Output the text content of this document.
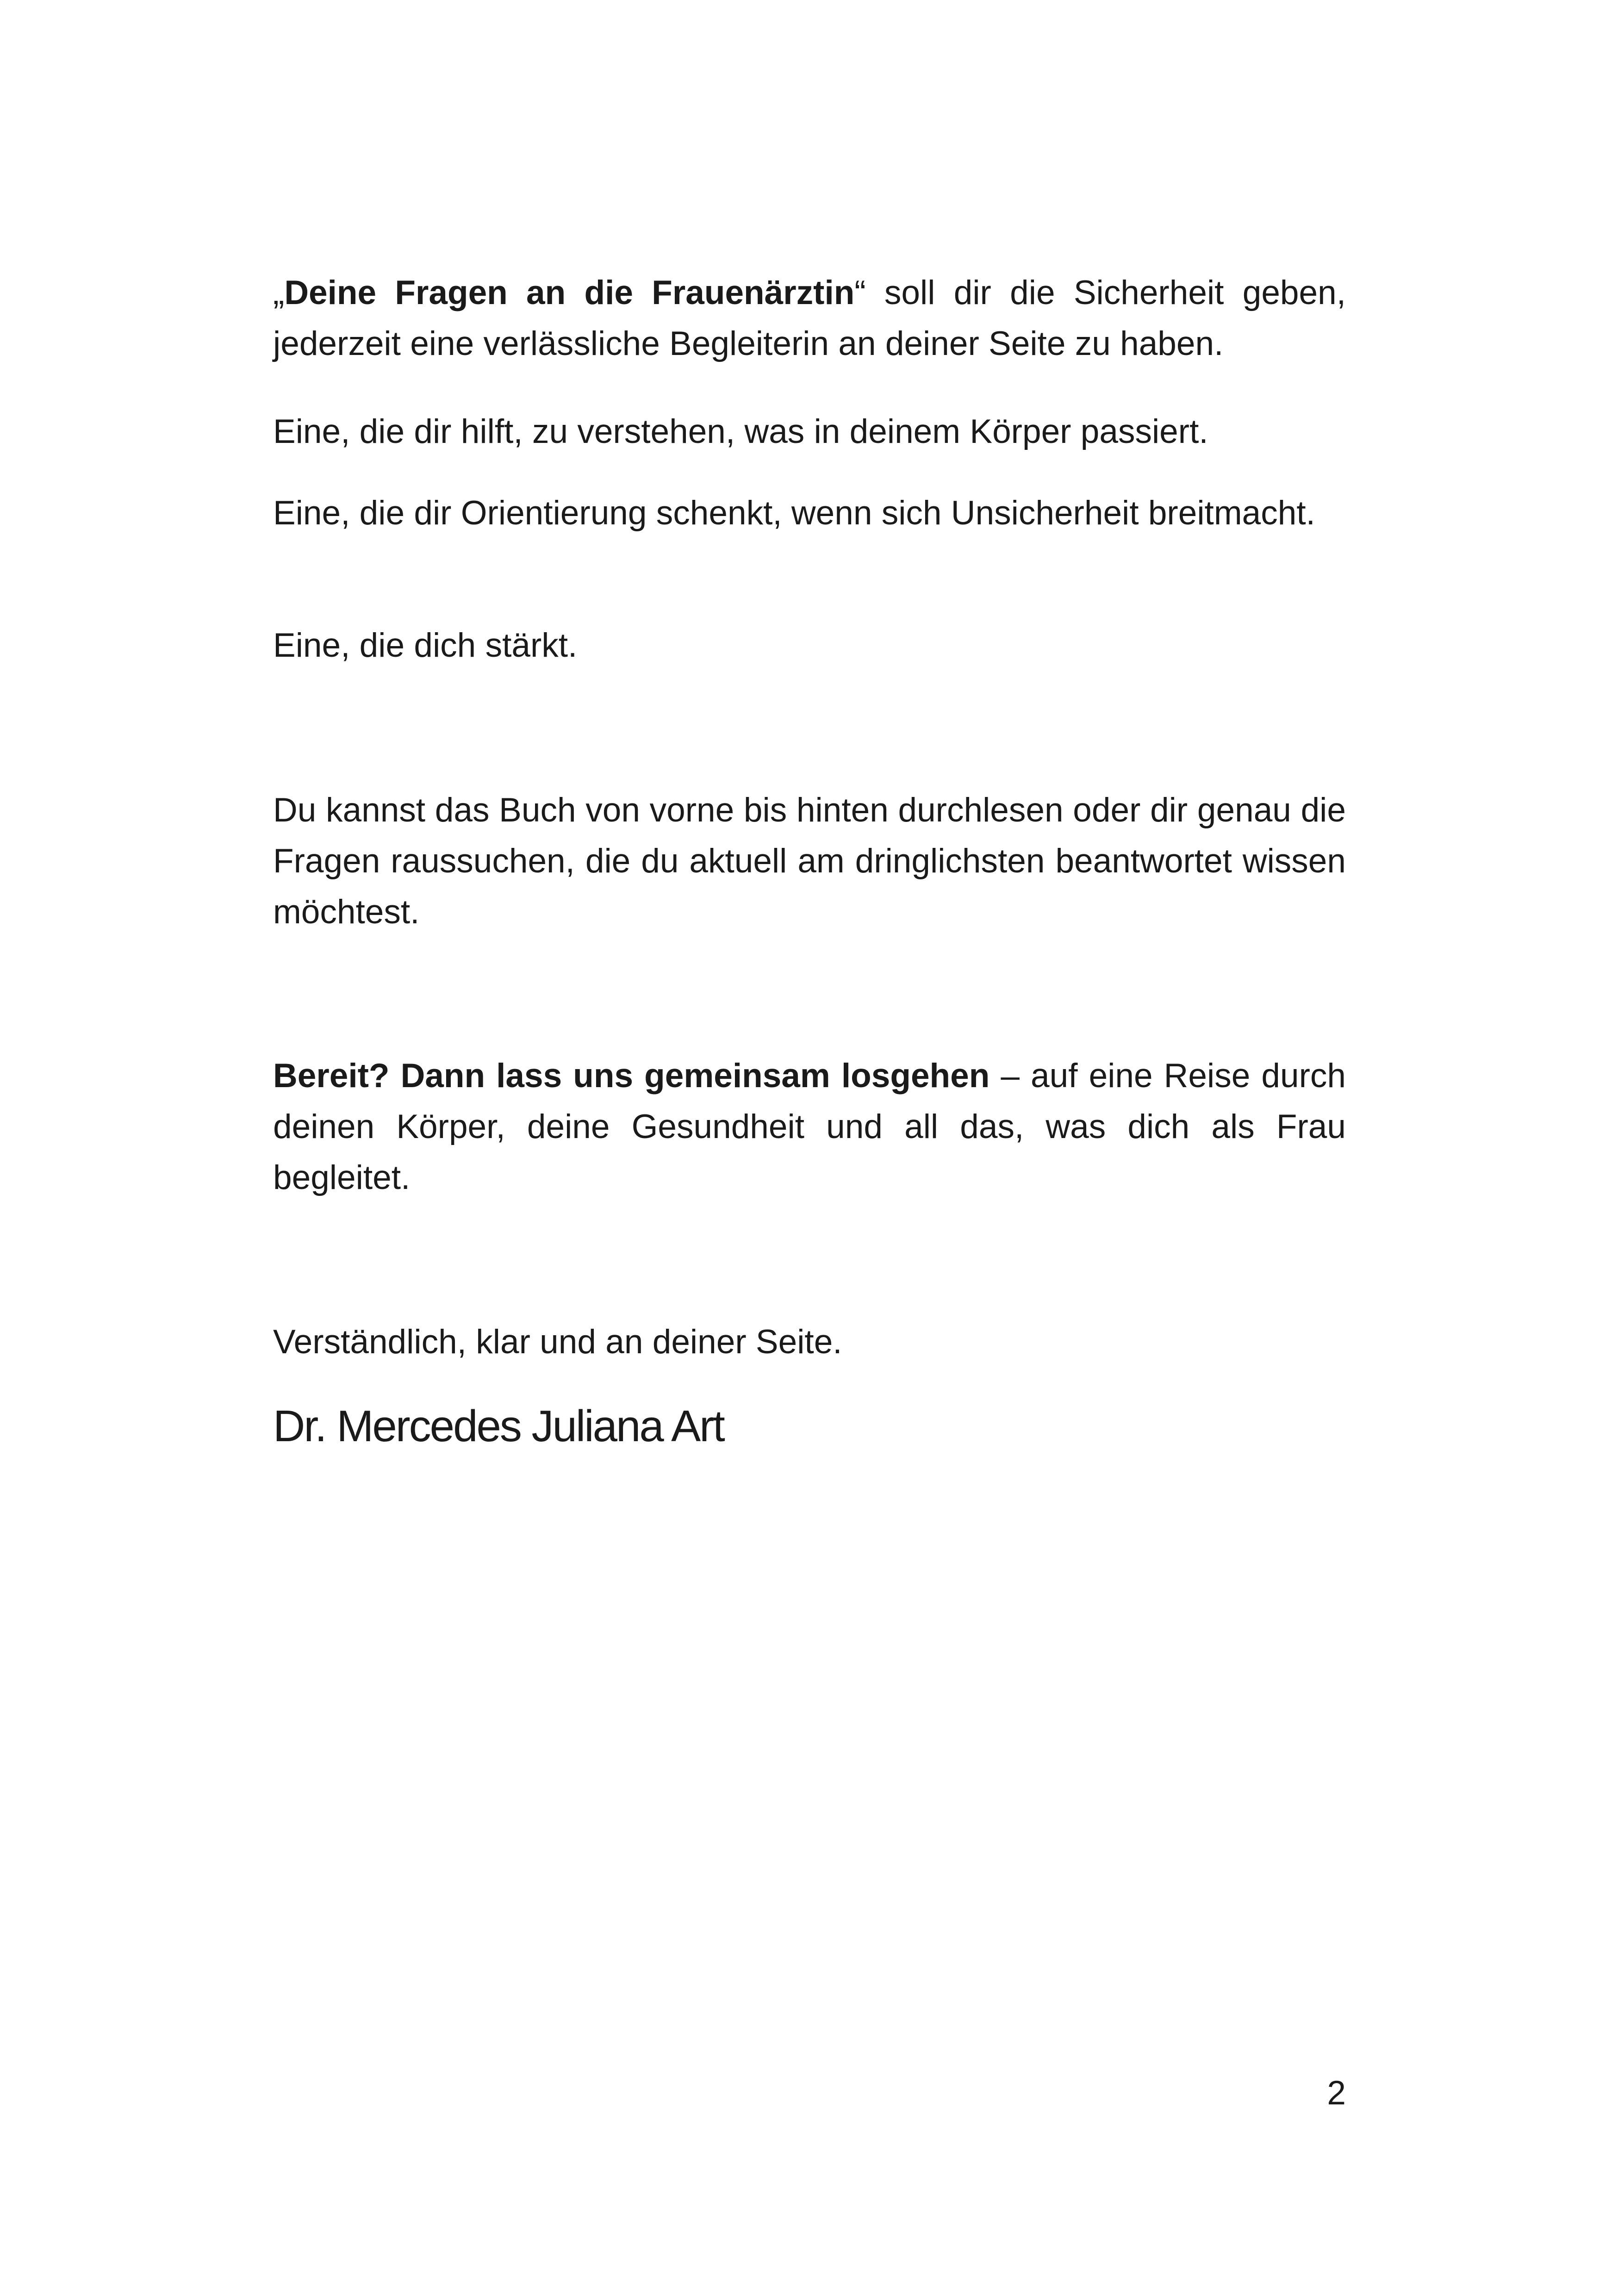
„Deine Fragen an die Frauenärztin“ soll dir die Sicherheit geben, jederzeit eine verlässliche Begleiterin an deiner Seite zu haben.

Eine, die dir hilft, zu verstehen, was in deinem Körper passiert.

Eine, die dir Orientierung schenkt, wenn sich Unsicherheit breitmacht.

Eine, die dich stärkt.

Du kannst das Buch von vorne bis hinten durchlesen oder dir genau die Fragen raussuchen, die du aktuell am dringlichsten beantwortet wissen möchtest.

Bereit? Dann lass uns gemeinsam losgehen – auf eine Reise durch deinen Körper, deine Gesundheit und all das, was dich als Frau begleitet.

Verständlich, klar und an deiner Seite.

Dr. Mercedes Juliana Art

2
